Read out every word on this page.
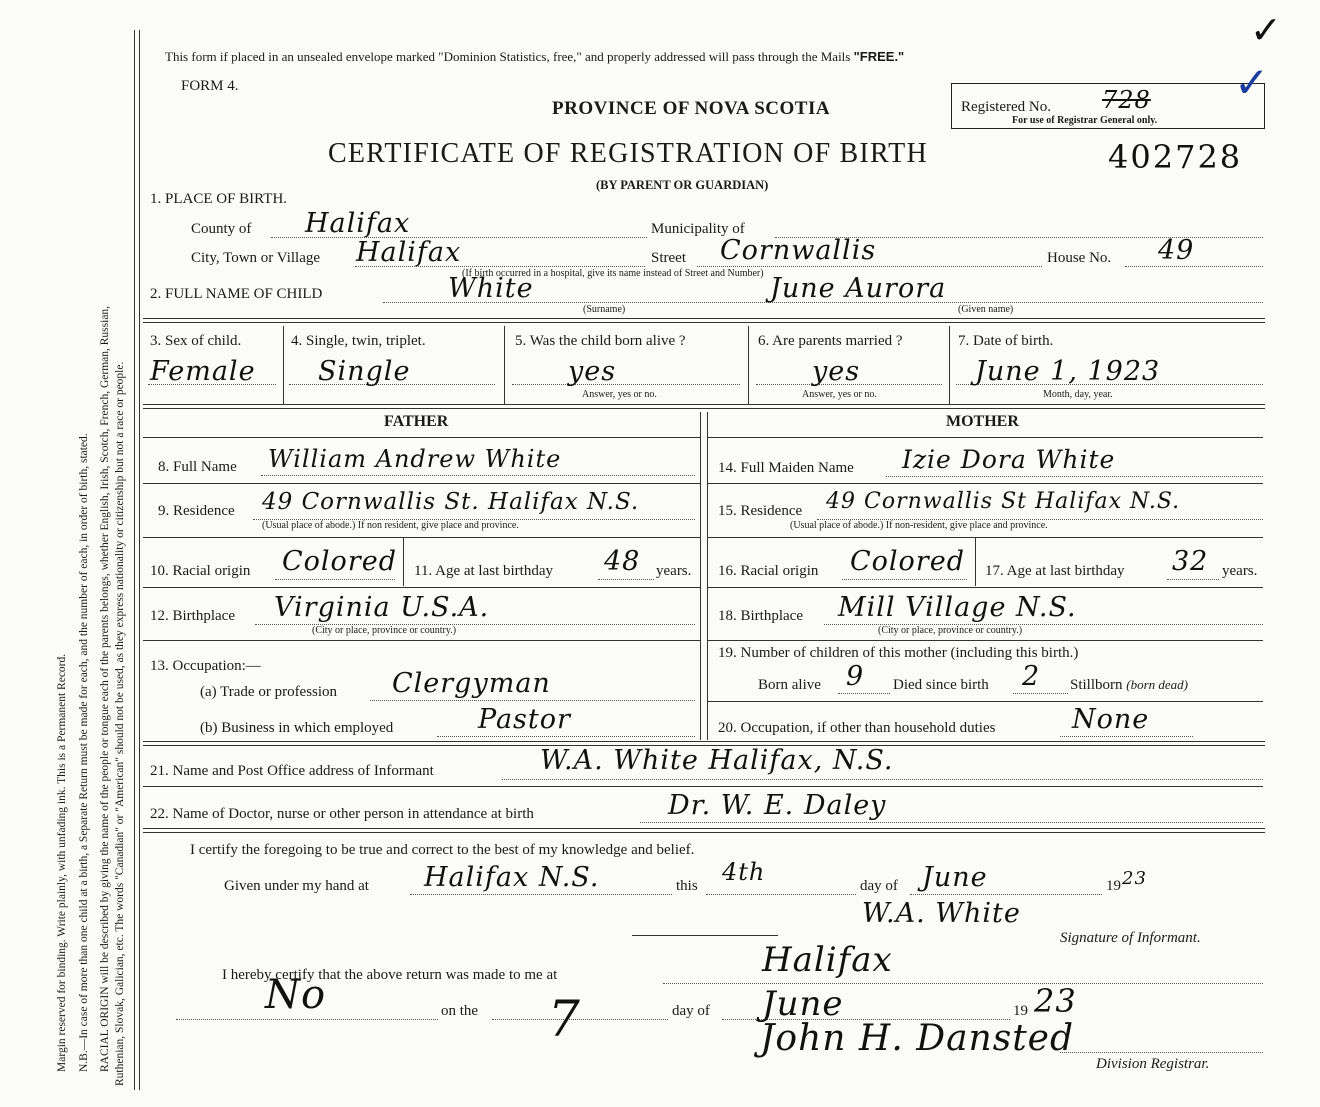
Margin reserved for binding. Write plainly, with unfading ink. This is a Permanent Record. N.B.—In case of more than one child at a birth, a Separate Return must be made for each, and the number of each, in order of birth, stated. RACIAL ORIGIN will be described by giving the name of the people or tongue each of the parents belongs, whether English, Irish, Scotch, French, German, Russian, Ruthenian, Slovak, Galician, etc. The words "Canadian" or "American" should not be used, as they express nationality or citizenship but not a race or people.
This form if placed in an unsealed envelope marked "Dominion Statistics, free," and properly addressed will pass through the Mails "FREE."
FORM 4.
PROVINCE OF NOVA SCOTIA
CERTIFICATE OF REGISTRATION OF BIRTH
(BY PARENT OR GUARDIAN)
Registered No. 728
For use of Registrar General only.
✓
✓
402728
1. PLACE OF BIRTH.
County of Halifax	Municipality of
City, Town or Village Halifax	Street Cornwallis	House No. 49
(If birth occurred in a hospital, give its name instead of Street and Number)
2. FULL NAME OF CHILD	White	June Aurora
(Surname)	(Given name)
3. Sex of child.
Female
4. Single, twin, triplet.
Single
5. Was the child born alive ?
yes
Answer, yes or no.
6. Are parents married ?
yes
Answer, yes or no.
7. Date of birth.
June 1, 1923
Month, day, year.
FATHER	MOTHER
8. Full Name William Andrew White
9. Residence 49 Cornwallis St. Halifax N.S.
(Usual place of abode.) If non resident, give place and province.
10. Racial origin Colored 11. Age at last birthday 48 years.
12. Birthplace Virginia U.S.A.
(City or place, province or country.)
13. Occupation:—
(a) Trade or profession Clergyman
(b) Business in which employed	Pastor
14. Full Maiden Name Izie Dora White
15. Residence 49 Cornwallis St Halifax N.S.
(Usual place of abode.) If non-resident, give place and province.
16. Racial origin Colored 17. Age at last birthday 32 years.
18. Birthplace Mill Village N.S.
(City or place, province or country.)
19. Number of children of this mother (including this birth.)
Born alive 9 Died since birth 2 Stillborn (born dead)
20. Occupation, if other than household duties	None
21. Name and Post Office address of Informant	W.A. White Halifax, N.S.
22. Name of Doctor, nurse or other person in attendance at birth	Dr. W. E. Daley
I certify the foregoing to be true and correct to the best of my knowledge and belief.
Given under my hand at Halifax N.S.	this 4th	day of June	19 23
W.A. White
Signature of Informant.
I hereby certify that the above return was made to me at	Halifax
No	on the 7	day of June	19 23
John H. Dansted
Division Registrar.
